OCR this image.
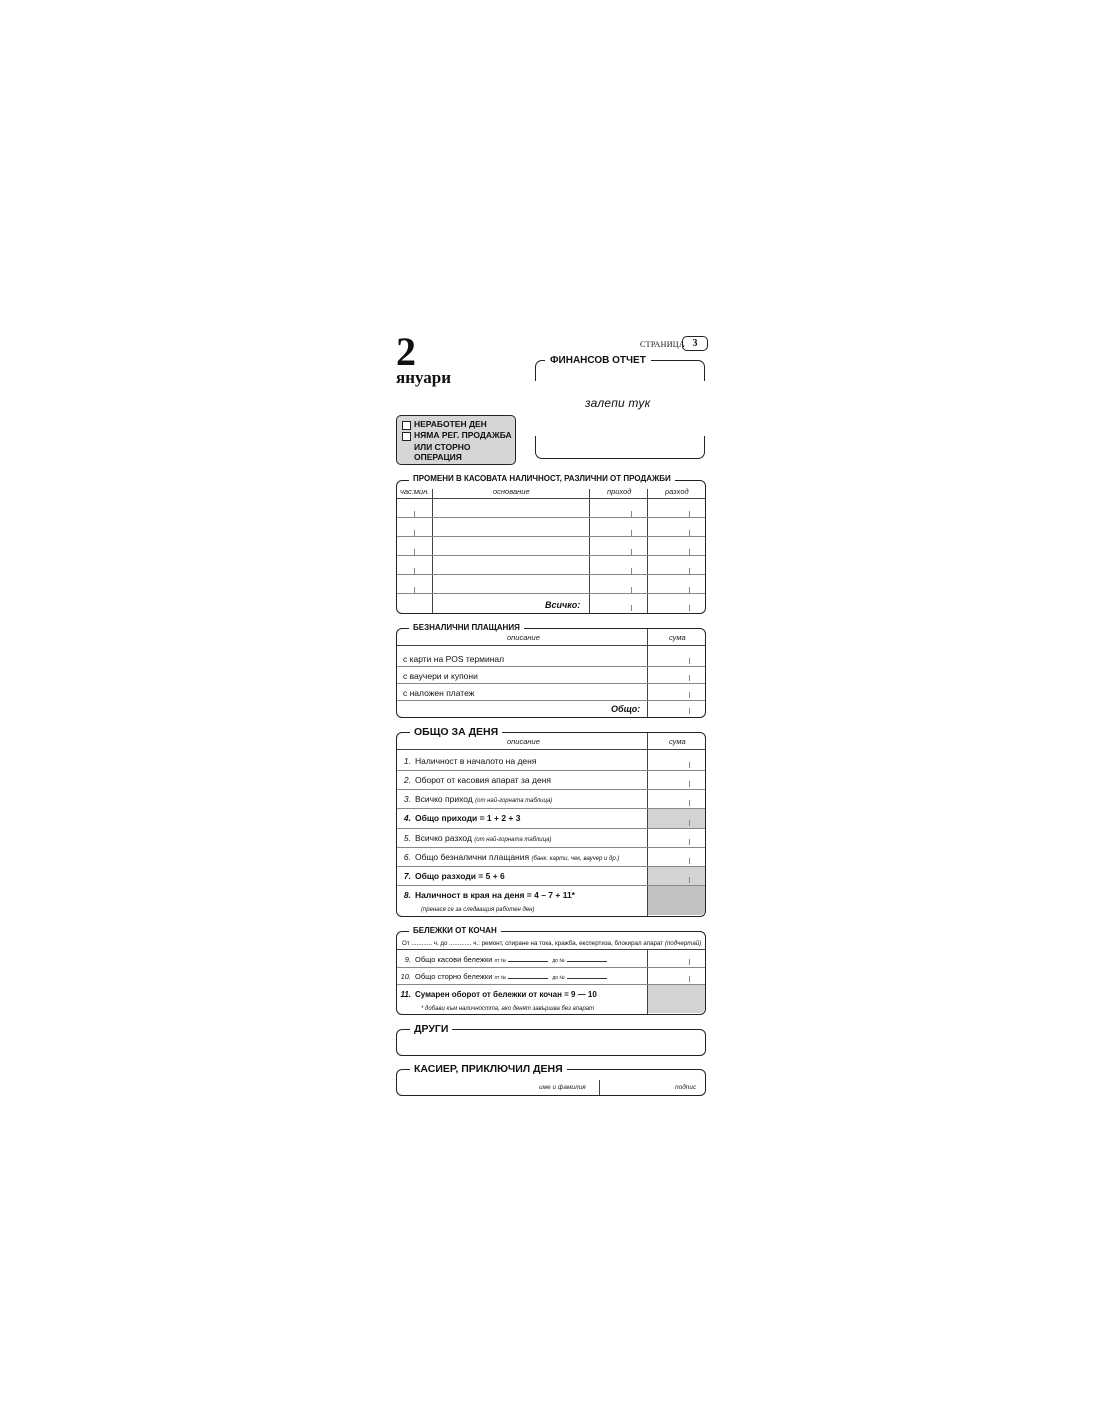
2
януари
СТРАНИЦА 3
ФИНАНСОВ ОТЧЕТ
залепи тук
НЕРАБОТЕН ДЕН
НЯМА РЕГ. ПРОДАЖБА
ИЛИ СТОРНО ОПЕРАЦИЯ
ПРОМЕНИ В КАСОВАТА НАЛИЧНОСТ, РАЗЛИЧНИ ОТ ПРОДАЖБИ
час:мин.	основание	приход	разход
Всичко:
БЕЗНАЛИЧНИ ПЛАЩАНИЯ
описание	сума
с карти на POS терминал
с ваучери и купони
с наложен платеж
Общо:
ОБЩО ЗА ДЕНЯ
описание	сума
1. Наличност в началото на деня
2. Оборот от касовия апарат за деня
3. Всичко приход (от най-горната таблица)
4. Общо приходи = 1 + 2 + 3
5. Всичко разход (от най-горната таблица)
6. Общо безналични плащания (банк. карти, чек, ваучер и др.)
7. Общо разходи = 5 + 6
8. Наличност в края на деня = 4 – 7 + 11*
(пренася се за следващия работен ден)
БЕЛЕЖКИ ОТ КОЧАН
От ............ ч. до ............. ч.: ремонт, спиране на тока, кражба, експертиза, блокирал апарат (подчертай)
9. Общо касови бележки от №	до №
10. Общо сторно бележки от №	до №
11. Сумарен оборот от бележки от кочан = 9 — 10
* добави към наличността, ако денят завършва без апарат
ДРУГИ
КАСИЕР, ПРИКЛЮЧИЛ ДЕНЯ
име и фамилия	подпис
